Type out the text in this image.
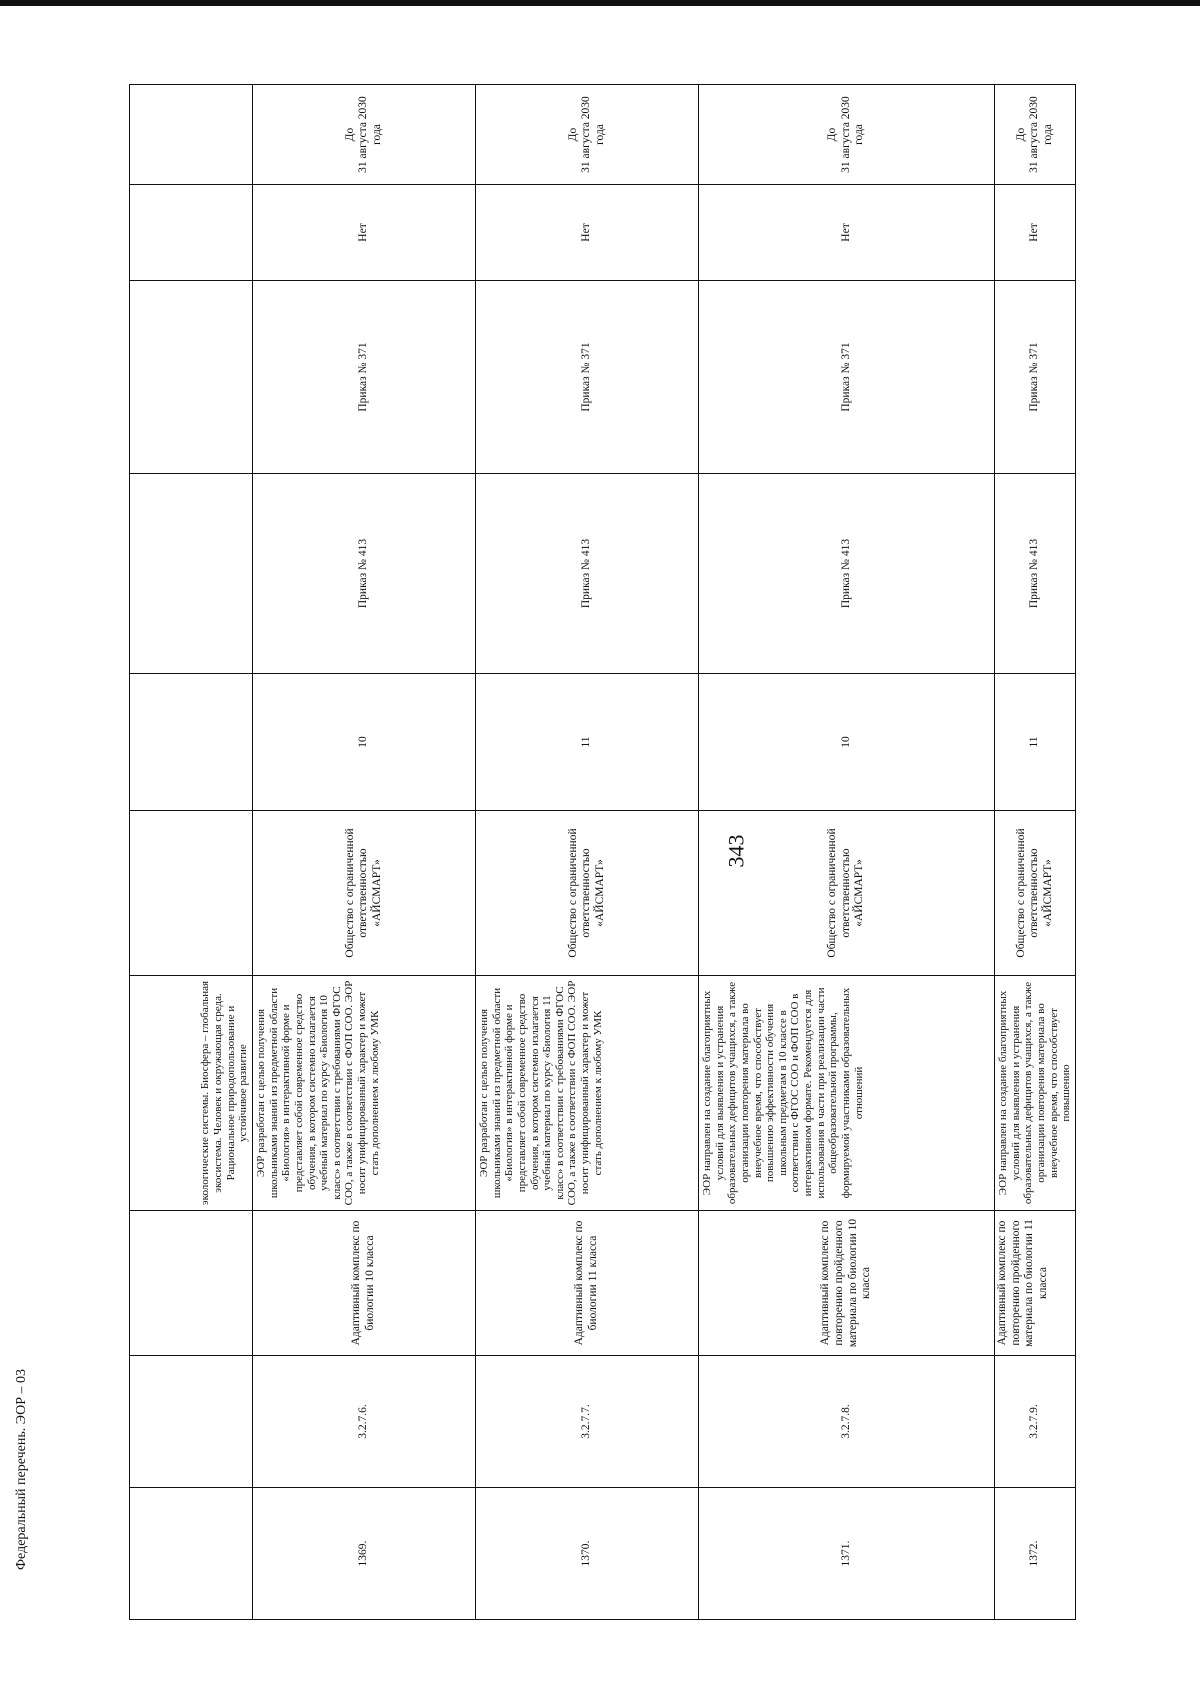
343
Федеральный перечень. ЭОР – 03

			экологические системы. Биосфера – глобальная экосистема. Человек и окружающая среда. Рациональное природопользование и устойчивое развитие						

1369.	3.2.7.6.	Адаптивный комплекс по биологии 10 класса	ЭОР разработан с целью получения школьниками знаний из предметной области «Биология» в интерактивной форме и представляет собой современное средство обучения, в котором системно излагается учебный материал по курсу «Биология 10 класс» в соответствии с требованиями ФГОС СОО, а также в соответствии с ФОП СОО. ЭОР носит унифицированный характер и может стать дополнением к любому УМК	Общество с ограниченной ответственностью «АЙСМАРТ»	10	Приказ № 413	Приказ № 371	Нет	До 31 августа 2030 года

1370.	3.2.7.7.	Адаптивный комплекс по биологии 11 класса	ЭОР разработан с целью получения школьниками знаний из предметной области «Биология» в интерактивной форме и представляет собой современное средство обучения, в котором системно излагается учебный материал по курсу «Биология 11 класс» в соответствии с требованиями ФГОС СОО, а также в соответствии с ФОП СОО. ЭОР носит унифицированный характер и может стать дополнением к любому УМК	Общество с ограниченной ответственностью «АЙСМАРТ»	11	Приказ № 413	Приказ № 371	Нет	До 31 августа 2030 года

1371.	3.2.7.8.	Адаптивный комплекс по повторению пройденного материала по биологии 10 класса	ЭОР направлен на создание благоприятных условий для выявления и устранения образовательных дефицитов учащихся, а также организации повторения материала во внеучебное время, что способствует повышению эффективности обучения школьным предметам в 10 классе в соответствии с ФГОС СОО и ФОП СОО в интерактивном формате. Рекомендуется для использования в части при реализации части общеобразовательной программы, формируемой участниками образовательных отношений	Общество с ограниченной ответственностью «АЙСМАРТ»	10	Приказ № 413	Приказ № 371	Нет	До 31 августа 2030 года

1372.	3.2.7.9.	Адаптивный комплекс по повторению пройденного материала по биологии 11 класса	ЭОР направлен на создание благоприятных условий для выявления и устранения образовательных дефицитов учащихся, а также организации повторения материала во внеучебное время, что способствует повышению	Общество с ограниченной ответственностью «АЙСМАРТ»	11	Приказ № 413	Приказ № 371	Нет	До 31 августа 2030 года
